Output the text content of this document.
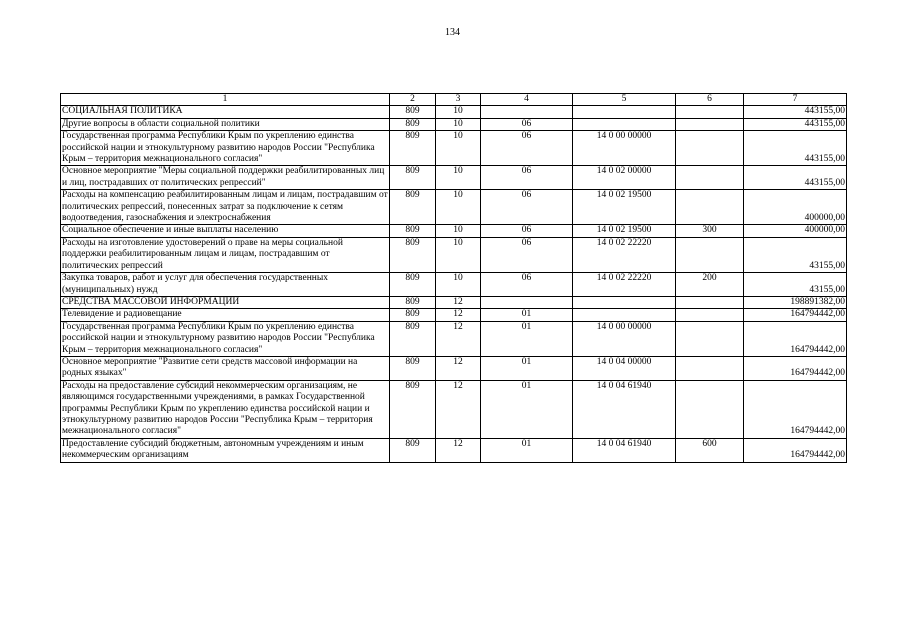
134
1	2	3	4	5	6	7
СОЦИАЛЬНАЯ ПОЛИТИКА	809	10				443155,00
Другие вопросы в области социальной политики	809	10	06			443155,00
Государственная программа Республики Крым по укреплению единства российской нации и этнокультурному развитию народов России "Республика Крым – территория межнационального согласия"	809	10	06	14 0 00 00000		443155,00
Основное мероприятие "Меры социальной поддержки реабилитированных лиц и лиц, пострадавших от политических репрессий"	809	10	06	14 0 02 00000		443155,00
Расходы на компенсацию реабилитированным лицам и лицам, пострадавшим от политических репрессий, понесенных затрат за подключение к сетям водоотведения, газоснабжения и электроснабжения	809	10	06	14 0 02 19500		400000,00
Социальное обеспечение и иные выплаты населению	809	10	06	14 0 02 19500	300	400000,00
Расходы на изготовление удостоверений о праве на меры социальной поддержки реабилитированным лицам и лицам, пострадавшим от политических репрессий	809	10	06	14 0 02 22220		43155,00
Закупка товаров, работ и услуг для обеспечения государственных (муниципальных) нужд	809	10	06	14 0 02 22220	200	43155,00
СРЕДСТВА МАССОВОЙ ИНФОРМАЦИИ	809	12				198891382,00
Телевидение и радиовещание	809	12	01			164794442,00
Государственная программа Республики Крым по укреплению единства российской нации и этнокультурному развитию народов России "Республика Крым – территория межнационального согласия"	809	12	01	14 0 00 00000		164794442,00
Основное мероприятие "Развитие сети средств массовой информации на родных языках"	809	12	01	14 0 04 00000		164794442,00
Расходы на предоставление субсидий некоммерческим организациям, не являющимся государственными учреждениями, в рамках Государственной программы Республики Крым по укреплению единства российской нации и этнокультурному развитию народов России "Республика Крым – территория межнационального согласия"	809	12	01	14 0 04 61940		164794442,00
Предоставление субсидий бюджетным, автономным учреждениям и иным некоммерческим организациям	809	12	01	14 0 04 61940	600	164794442,00
